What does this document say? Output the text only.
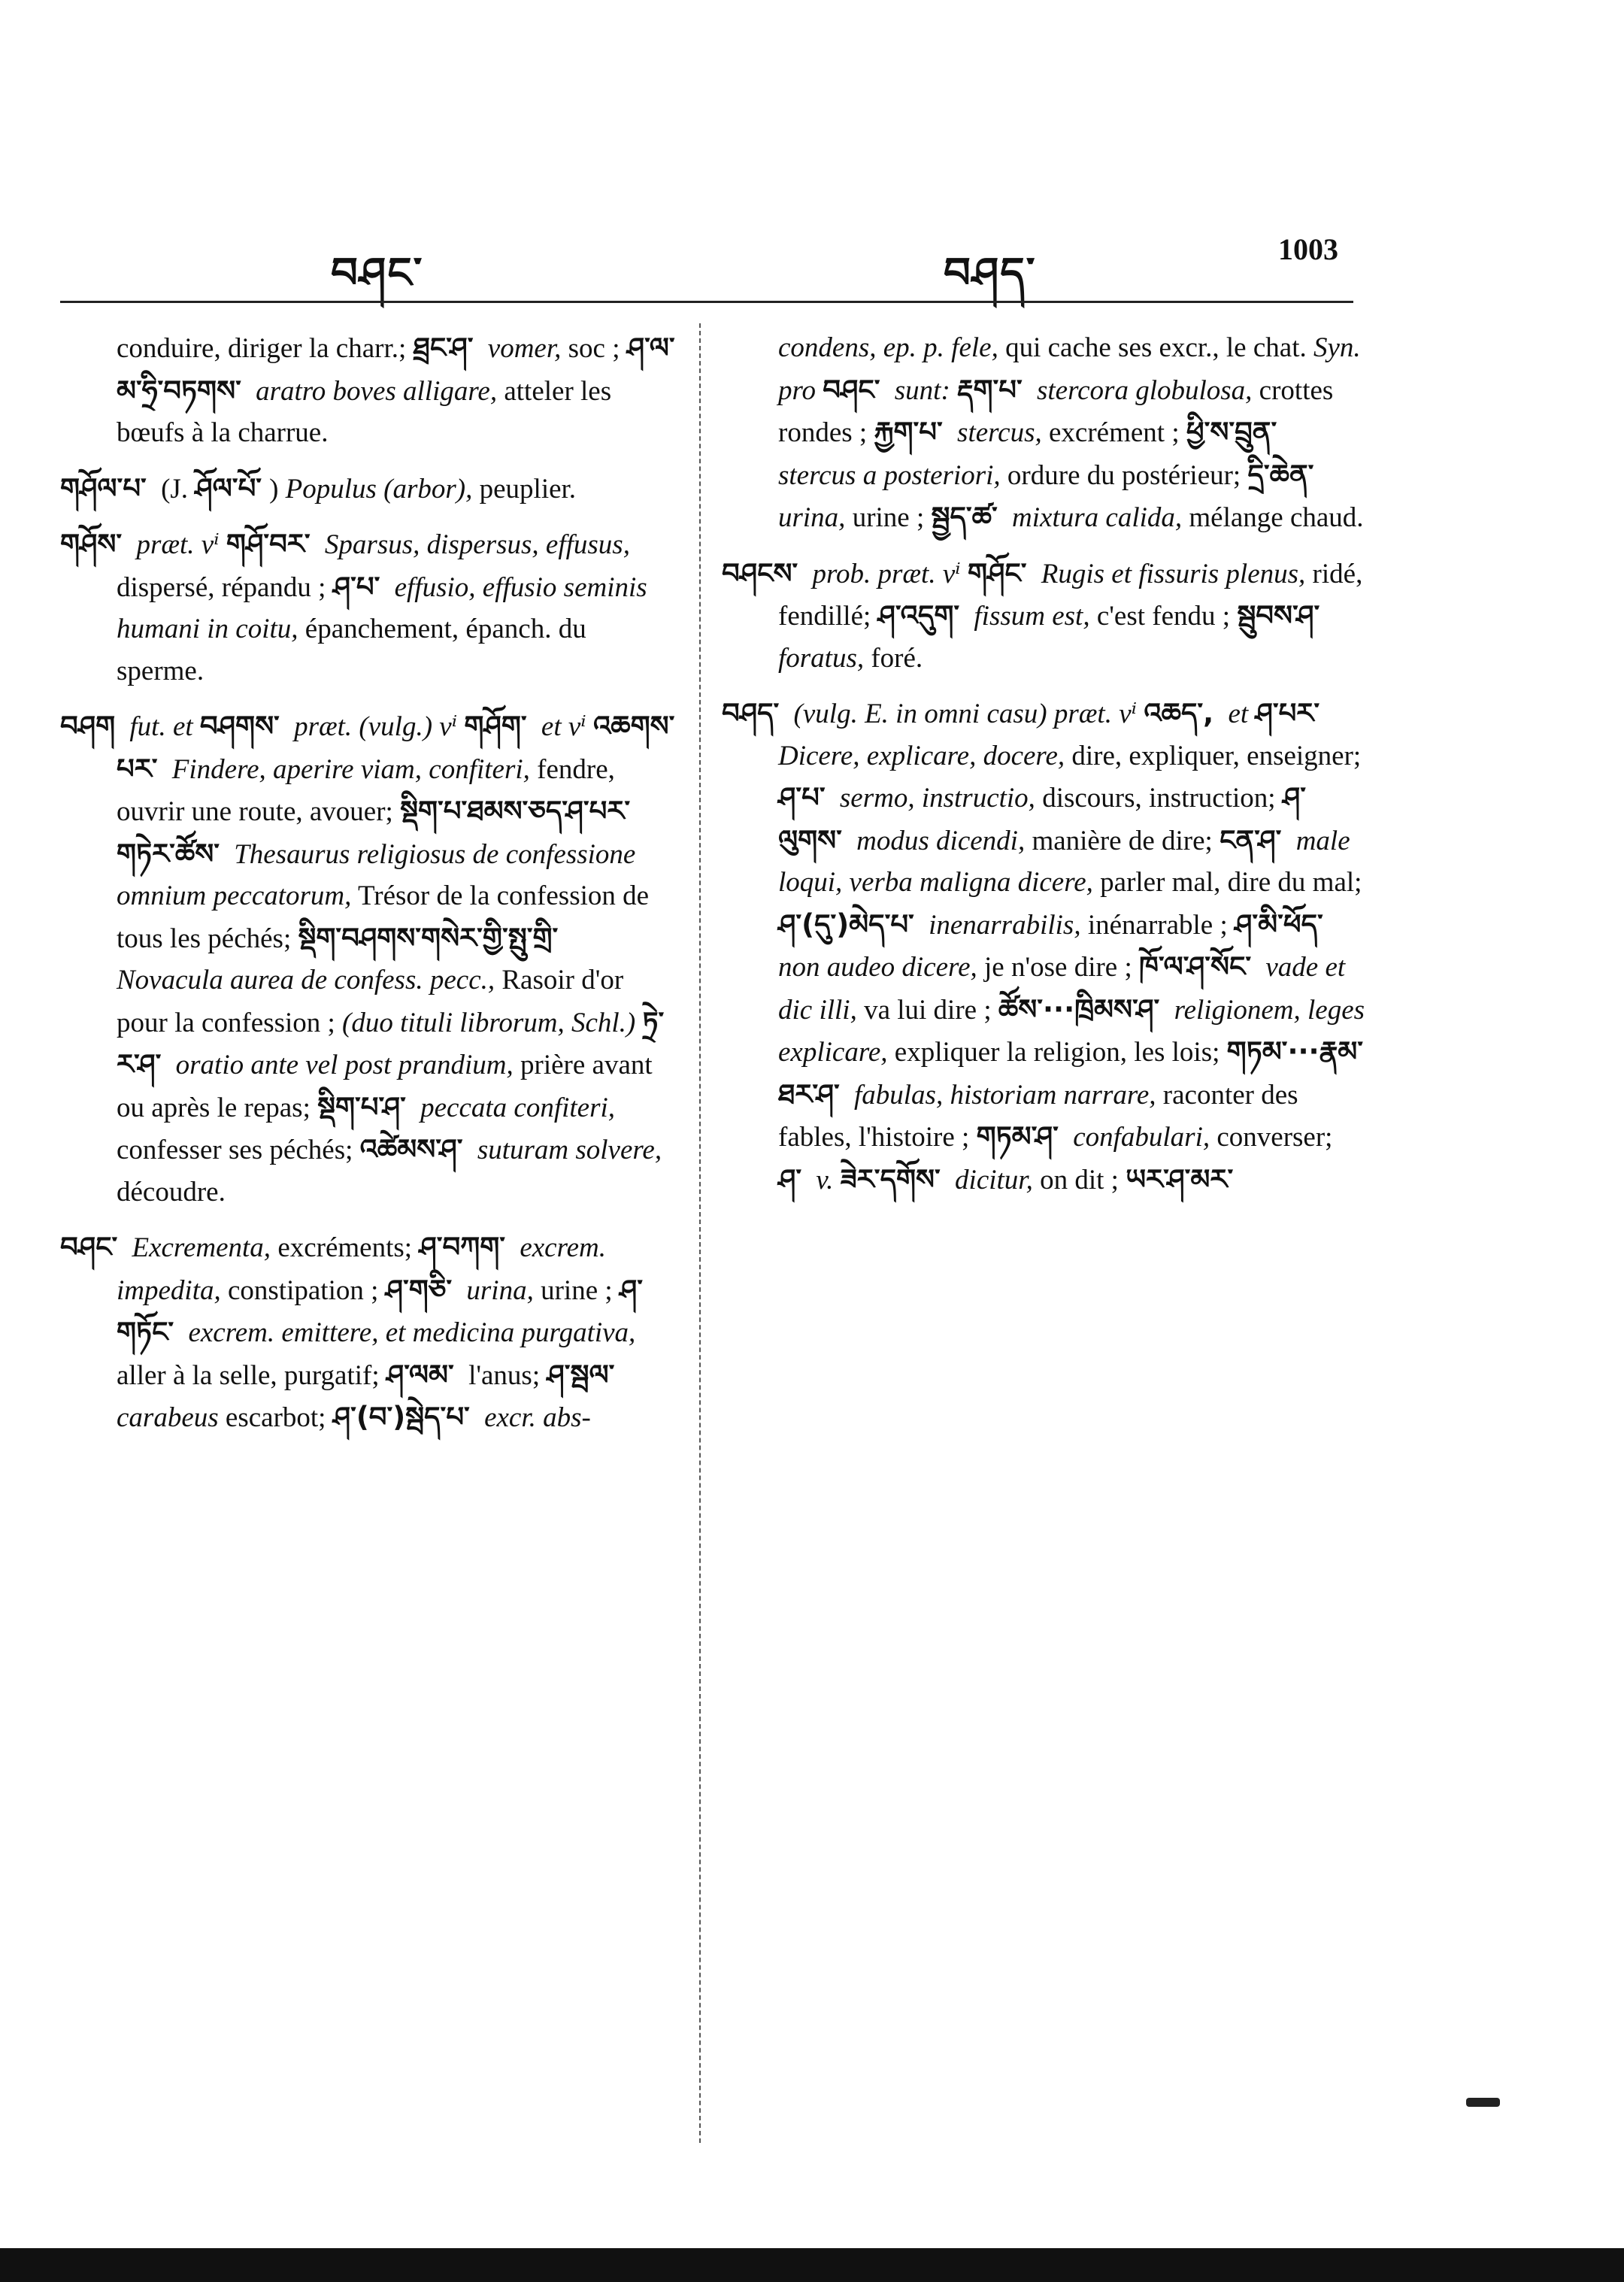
བཤང་	བཤད་
1003

conduire, diriger la charr.; ཐྲང་ཤ་ vomer, soc ; ཤ་ལ་མ་ཧྲི་བཏགས་ aratro boves alligare, atteler les bœufs à la charrue.

གཤོལ་པ་ (J. ཤོལ་པོ་ ) Populus (arbor), peuplier.

གཤོས་ præt. vⁱ གཤོ་བར་ Sparsus, dispersus, effusus, dispersé, répandu ; ཤ་པ་ effusio, effusio seminis humani in coitu, épanchement, épanch. du sperme.

བཤག fut. et བཤགས་ præt. (vulg.) vⁱ གཤོག་ et vⁱ འཆགས་པར་ Findere, aperire viam, confiteri, fendre, ouvrir une route, avouer; སྡིག་པ་ཐམས་ཅད་ཤ་པར་གཏེར་ཚོས་ Thesaurus religiosus de confessione omnium peccatorum, Trésor de la confession de tous les péchés; སྡིག་བཤགས་གསེར་གྱི་སྤུ་གྲི་ Novacula aurea de confess. pecc., Rasoir d'or pour la confession ; (duo tituli librorum, Schl.) ཏྲེ་ར་ཤ་ oratio ante vel post prandium, prière avant ou après le repas; སྡིག་པ་ཤ་ peccata confiteri, confesser ses péchés; འཚེམས་ཤ་ suturam solvere, découdre.

བཤང་ Excrementa, excréments; ཤ་བཀག་ excrem. impedita, constipation ; ཤ་གཅི་ urina, urine ; ཤ་གཏོང་ excrem. emittere, et medicina purgativa, aller à la selle, purgatif; ཤ་ལམ་ l'anus; ཤ་སྦལ་ carabeus escarbot; ཤ་(བ་)སྦེད་པ་ excr. abs-

condens, ep. p. fele, qui cache ses excr., le chat. Syn. pro བཤང་ sunt: རྡག་པ་ stercora globulosa, crottes rondes ; རྐྱག་པ་ stercus, excrément ; ཕྱི་ས་བྲུན་ stercus a posteriori, ordure du postérieur; དྲི་ཆེན་ urina, urine ; སྦྱད་ཚ་ mixtura calida, mélange chaud.

བཤངས་ prob. præt. vⁱ གཤོང་ Rugis et fissuris plenus, ridé, fendillé; ཤ་འདུག་ fissum est, c'est fendu ; སྦུབས་ཤ་ foratus, foré.

བཤད་ (vulg. E. in omni casu) præt. vⁱ འཆད་, et ཤ་པར་ Dicere, explicare, docere, dire, expliquer, enseigner; ཤ་པ་ sermo, instructio, discours, instruction; ཤ་ལུགས་ modus dicendi, manière de dire; ངན་ཤ་ male loqui, verba maligna dicere, parler mal, dire du mal; ཤ་(དུ་)མེད་པ་ inenarrabilis, inénarrable ; ཤ་མི་ཕོད་ non audeo dicere, je n'ose dire ; ཁོ་ལ་ཤ་སོང་ vade et dic illi, va lui dire ; ཚོས་···ཁྲིམས་ཤ་ religionem, leges explicare, expliquer la religion, les lois; གཏམ་···རྣམ་ཐར་ཤ་ fabulas, historiam narrare, raconter des fables, l'histoire ; གཏམ་ཤ་ confabulari, converser; ཤ་ v. ཟེར་དགོས་ dicitur, on dit ; ཡར་ཤ་མར་
